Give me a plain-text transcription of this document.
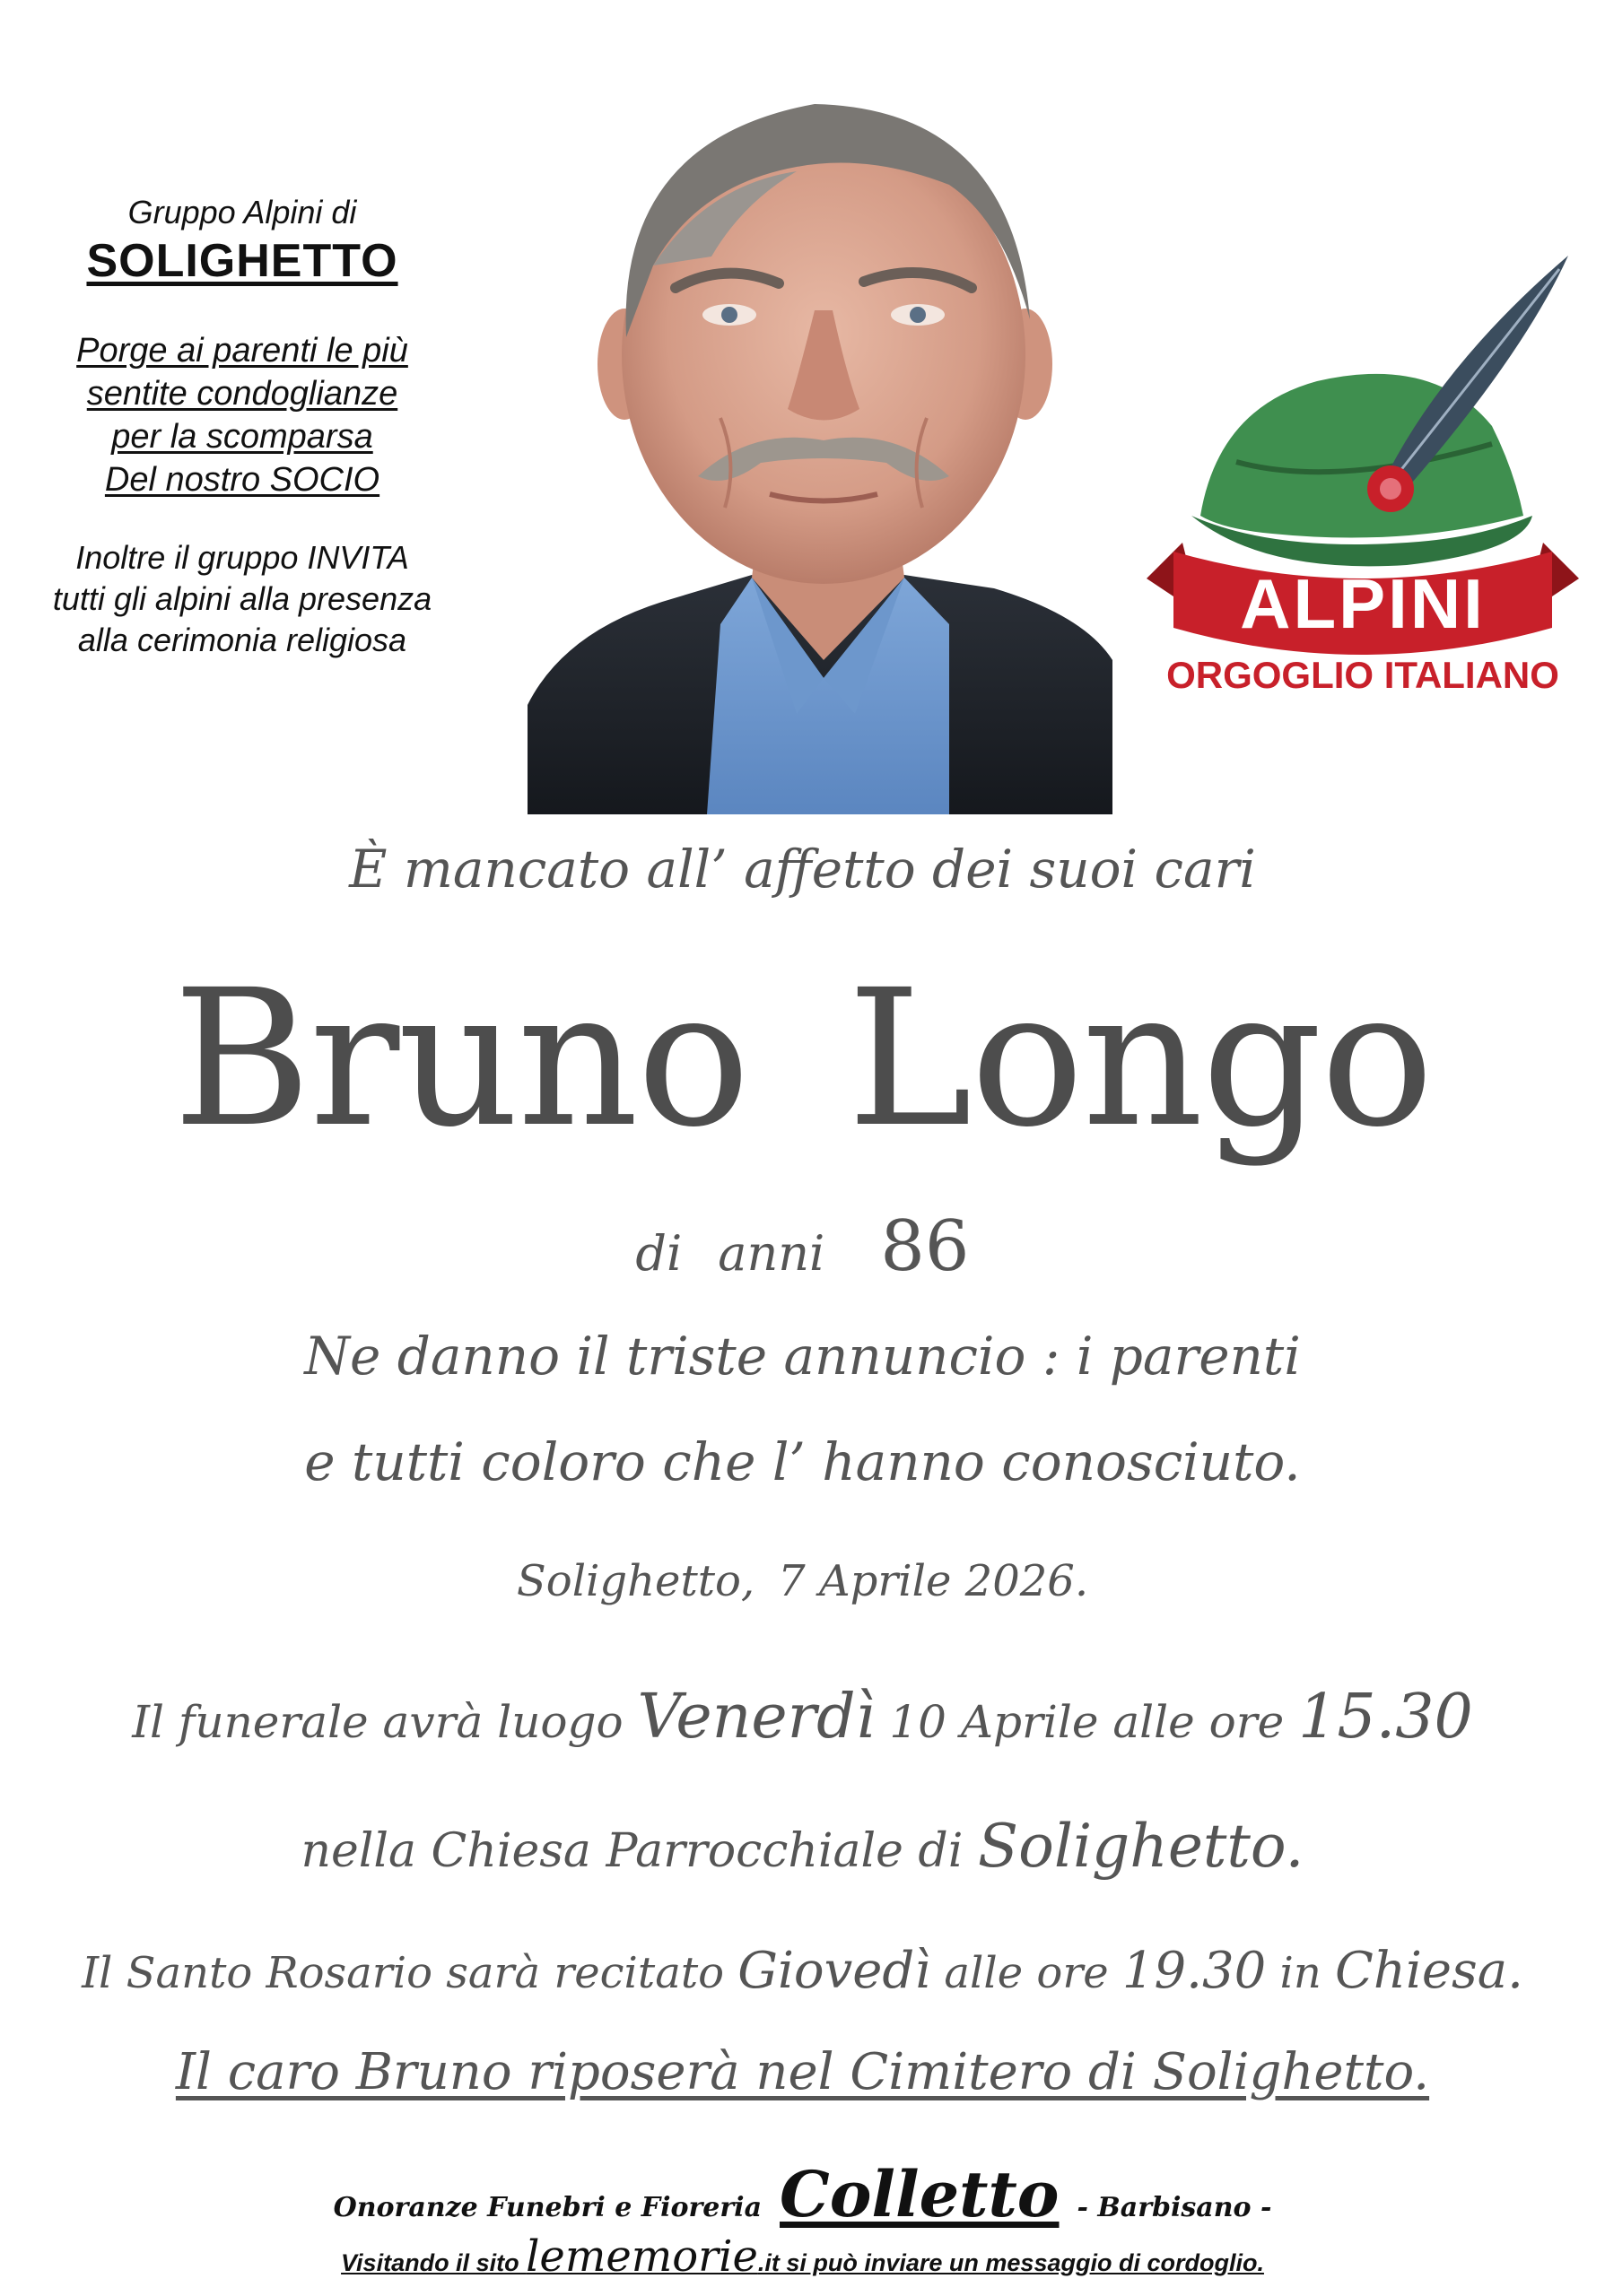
Gruppo Alpini di
SOLIGHETTO
Porge ai parenti le più
sentite condoglianze
per la scomparsa
Del nostro SOCIO
Inoltre il gruppo INVITA
tutti gli alpini alla presenza
alla cerimonia religiosa	ALPINI
ORGOGLIO ITALIANO
È mancato all’ affetto dei suoi cari
Bruno Longo
di anni 86
Ne danno il triste annuncio : i parenti
e tutti coloro che l’ hanno conosciuto.
Solighetto, 7 Aprile 2026.
Il funerale avrà luogo Venerdì 10 Aprile alle ore 15.30
nella Chiesa Parrocchiale di Solighetto.
Il Santo Rosario sarà recitato Giovedì alle ore 19.30 in Chiesa.
Il caro Bruno riposerà nel Cimitero di Solighetto.
Onoranze Funebri e Fioreria Colletto - Barbisano -
Visitando il sito lememorie.it si può inviare un messaggio di cordoglio.
